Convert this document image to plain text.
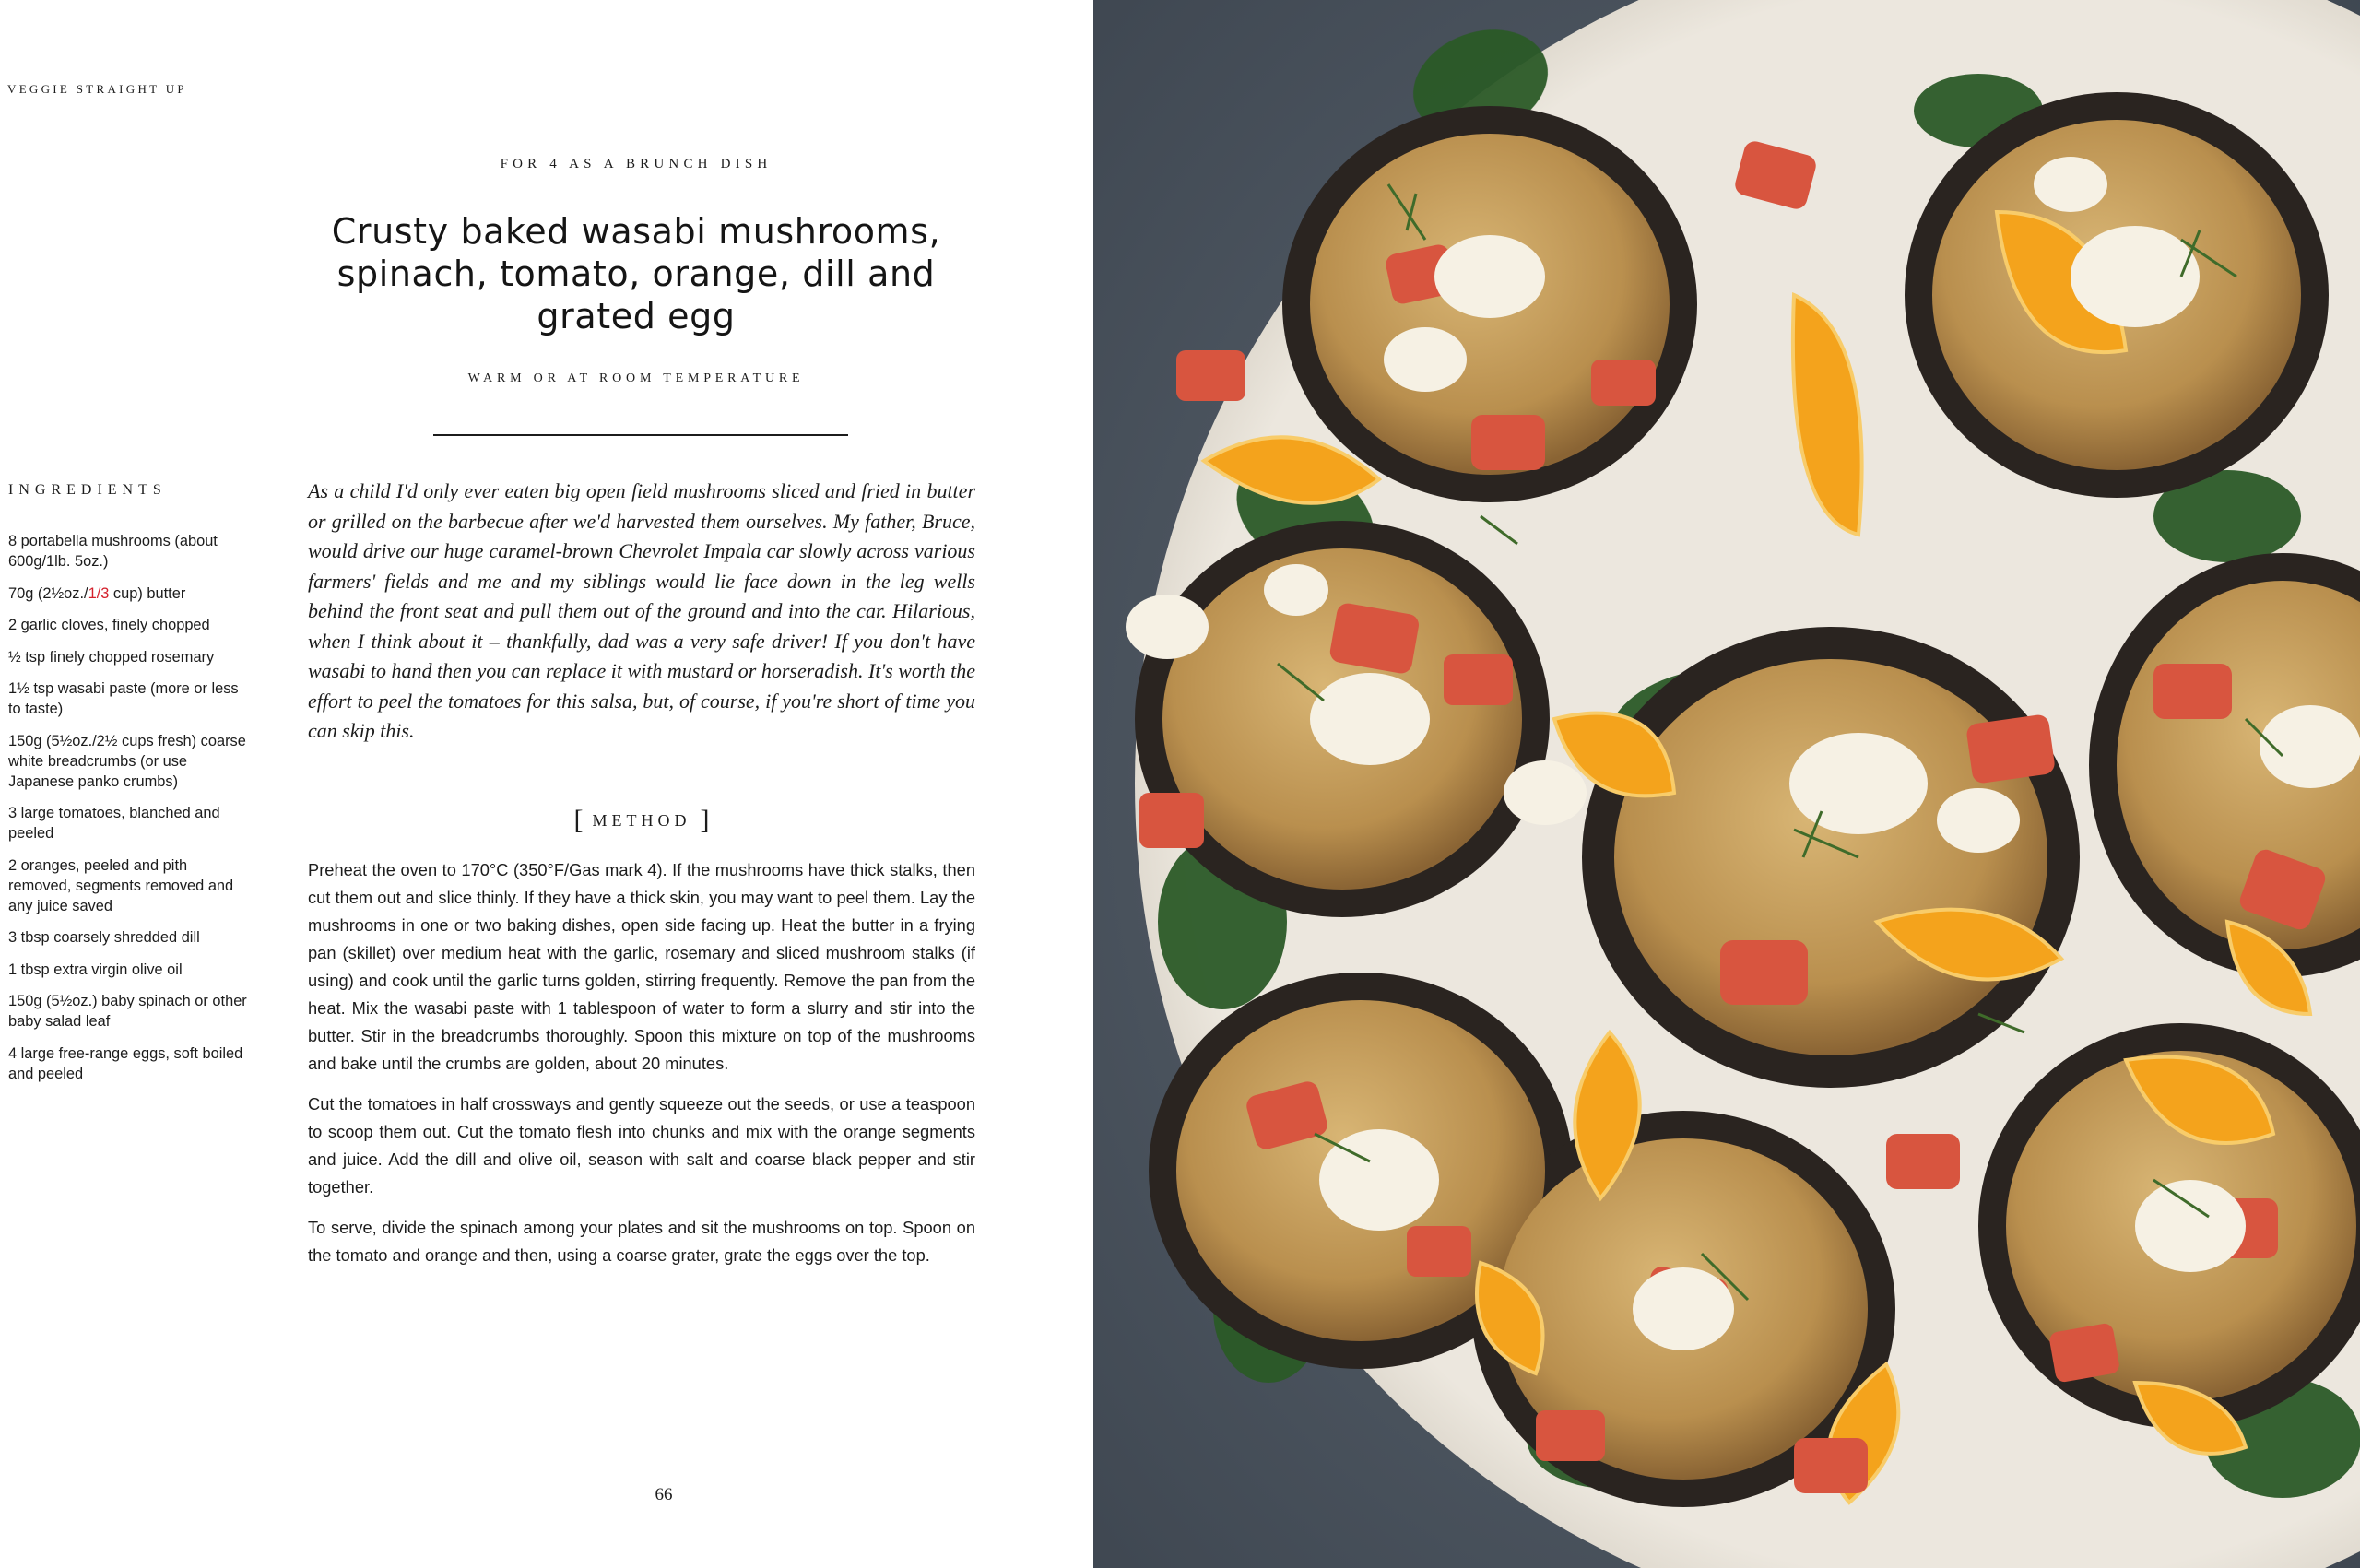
VEGGIE STRAIGHT UP
FOR 4 AS A BRUNCH DISH
Crusty baked wasabi mushrooms, spinach, tomato, orange, dill and grated egg
WARM OR AT ROOM TEMPERATURE
INGREDIENTS
8 portabella mushrooms (about 600g/1lb. 5oz.)
70g (2½oz./1/3 cup) butter
2 garlic cloves, finely chopped
½ tsp finely chopped rosemary
1½ tsp wasabi paste (more or less to taste)
150g (5½oz./2½ cups fresh) coarse white breadcrumbs (or use Japanese panko crumbs)
3 large tomatoes, blanched and peeled
2 oranges, peeled and pith removed, segments removed and any juice saved
3 tbsp coarsely shredded dill
1 tbsp extra virgin olive oil
150g (5½oz.) baby spinach or other baby salad leaf
4 large free-range eggs, soft boiled and peeled

As a child I'd only ever eaten big open field mushrooms sliced and fried in butter or grilled on the barbecue after we'd harvested them ourselves. My father, Bruce, would drive our huge caramel-brown Chevrolet Impala car slowly across various farmers' fields and me and my siblings would lie face down in the leg wells behind the front seat and pull them out of the ground and into the car. Hilarious, when I think about it – thankfully, dad was a very safe driver! If you don't have wasabi to hand then you can replace it with mustard or horseradish. It's worth the effort to peel the tomatoes for this salsa, but, of course, if you're short of time you can skip this.

[ METHOD ]

Preheat the oven to 170°C (350°F/Gas mark 4). If the mushrooms have thick stalks, then cut them out and slice thinly. If they have a thick skin, you may want to peel them. Lay the mushrooms in one or two baking dishes, open side facing up. Heat the butter in a frying pan (skillet) over medium heat with the garlic, rosemary and sliced mushroom stalks (if using) and cook until the garlic turns golden, stirring frequently. Remove the pan from the heat. Mix the wasabi paste with 1 tablespoon of water to form a slurry and stir into the butter. Stir in the breadcrumbs thoroughly. Spoon this mixture on top of the mushrooms and bake until the crumbs are golden, about 20 minutes.

Cut the tomatoes in half crossways and gently squeeze out the seeds, or use a teaspoon to scoop them out. Cut the tomato flesh into chunks and mix with the orange segments and juice. Add the dill and olive oil, season with salt and coarse black pepper and stir together.

To serve, divide the spinach among your plates and sit the mushrooms on top. Spoon on the tomato and orange and then, using a coarse grater, grate the eggs over the top.

66
